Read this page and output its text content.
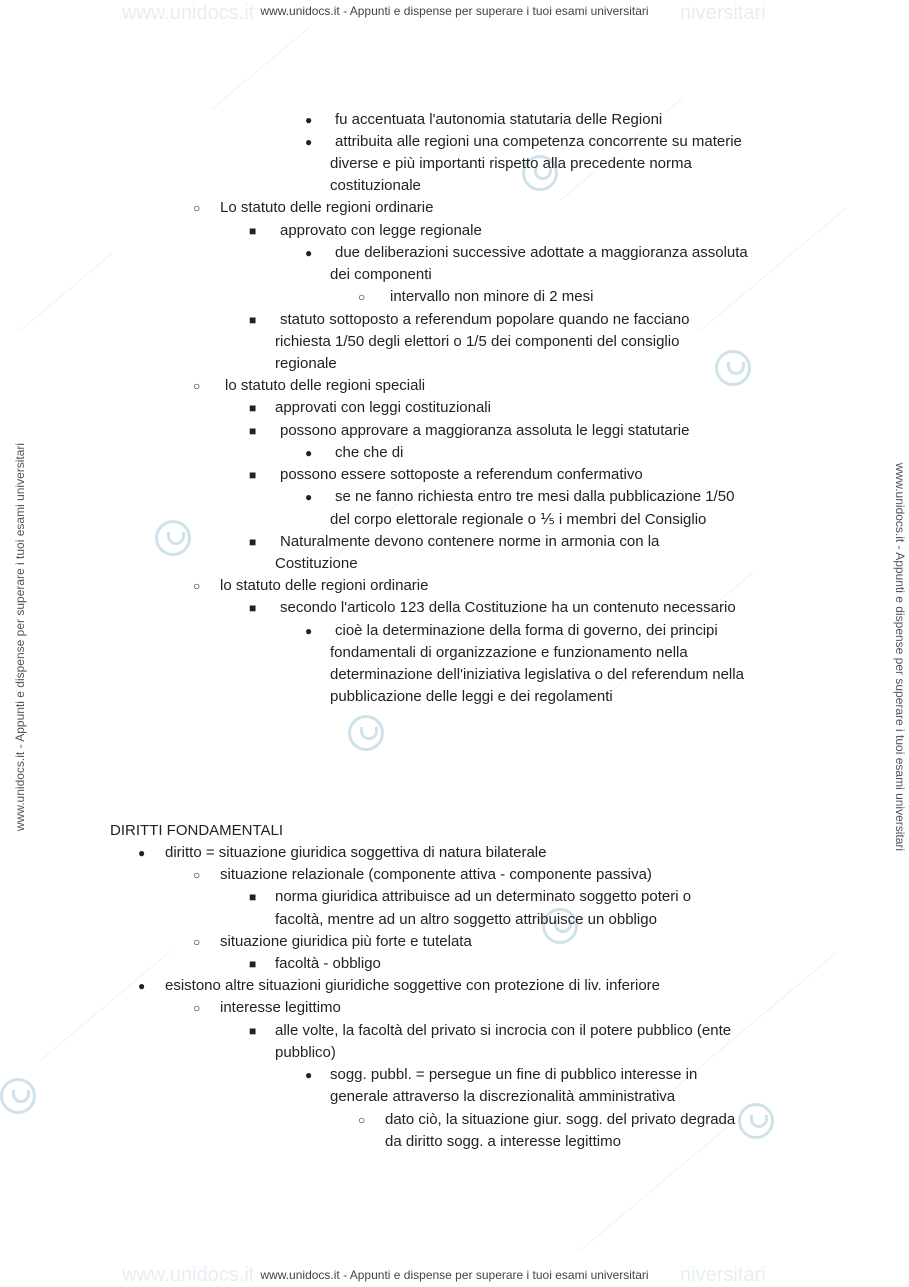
www.unidocs.it	niversitari
www.unidocs.it - Appunti e dispense per superare i tuoi esami universitari
www.unidocs.it	niversitari
www.unidocs.it - Appunti e dispense per superare i tuoi esami universitari
www.unidocs.it - Appunti e dispense per superare i tuoi esami universitari	www.unidocs.it - Appunti e dispense per superare i tuoi esami universitari
● fu accentuata l'autonomia statutaria delle Regioni
● attribuita alle regioni una competenza concorrente su materie
diverse e più importanti rispetto alla precedente norma
costituzionale
○ Lo statuto delle regioni ordinarie
■ approvato con legge regionale
● due deliberazioni successive adottate a maggioranza assoluta
dei componenti
○ intervallo non minore di 2 mesi
■ statuto sottoposto a referendum popolare quando ne facciano
richiesta 1/50 degli elettori o 1/5 dei componenti del consiglio
regionale
○ lo statuto delle regioni speciali
■ approvati con leggi costituzionali
■ possono approvare a maggioranza assoluta le leggi statutarie
● che che di
■ possono essere sottoposte a referendum confermativo
● se ne fanno richiesta entro tre mesi dalla pubblicazione 1/50
del corpo elettorale regionale o ⅕ i membri del Consiglio
■ Naturalmente devono contenere norme in armonia con la
Costituzione
○ lo statuto delle regioni ordinarie
■ secondo l'articolo 123 della Costituzione ha un contenuto necessario
● cioè la determinazione della forma di governo, dei principi
fondamentali di organizzazione e funzionamento nella
determinazione dell'iniziativa legislativa o del referendum nella
pubblicazione delle leggi e dei regolamenti
DIRITTI FONDAMENTALI
● diritto = situazione giuridica soggettiva di natura bilaterale
○ situazione relazionale (componente attiva - componente passiva)
■ norma giuridica attribuisce ad un determinato soggetto poteri o
facoltà, mentre ad un altro soggetto attribuisce un obbligo
○ situazione giuridica più forte e tutelata
■ facoltà - obbligo
● esistono altre situazioni giuridiche soggettive con protezione di liv. inferiore
○ interesse legittimo
■ alle volte, la facoltà del privato si incrocia con il potere pubblico (ente
pubblico)
● sogg. pubbl. = persegue un fine di pubblico interesse in
generale attraverso la discrezionalità amministrativa
○ dato ciò, la situazione giur. sogg. del privato degrada
da diritto sogg. a interesse legittimo
